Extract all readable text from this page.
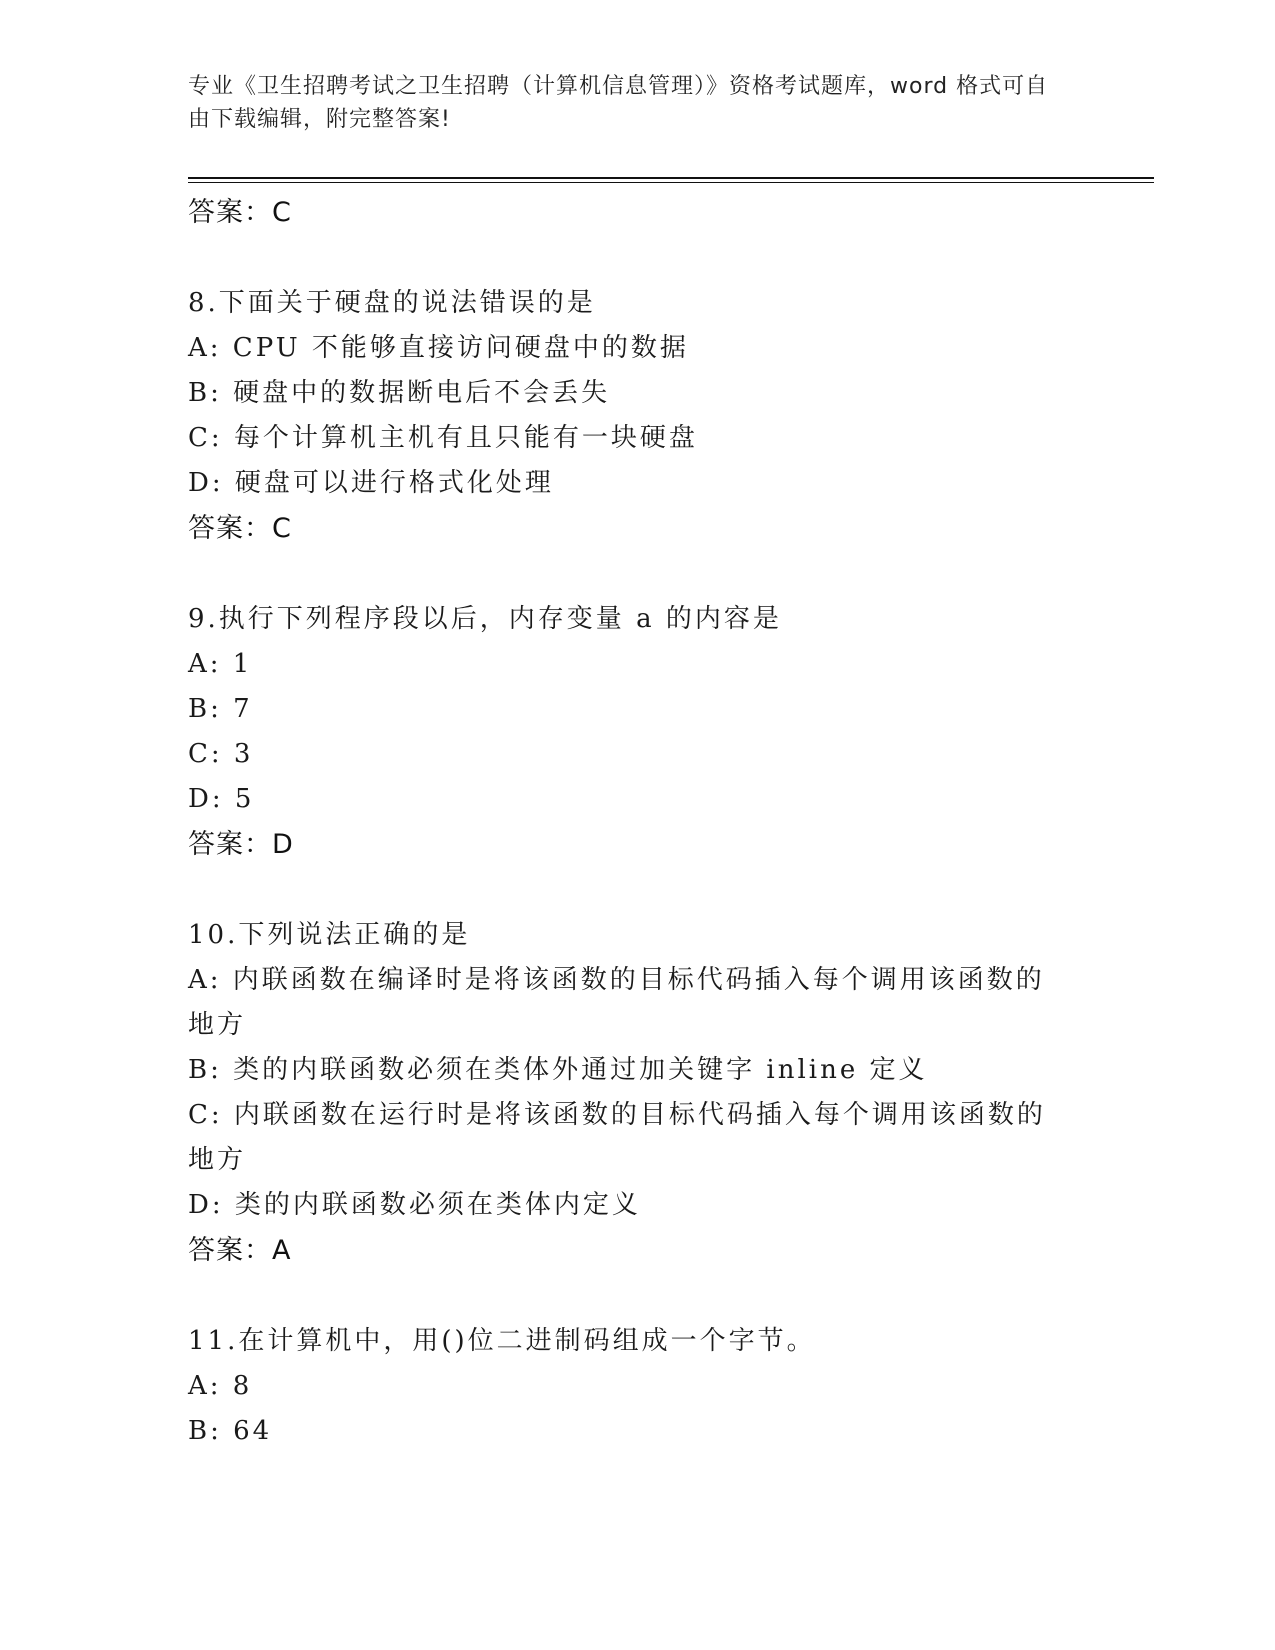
专业《卫生招聘考试之卫生招聘（计算机信息管理）》资格考试题库，word 格式可自由下载编辑，附完整答案!
答案：C
8.下面关于硬盘的说法错误的是
A: CPU 不能够直接访问硬盘中的数据
B: 硬盘中的数据断电后不会丢失
C: 每个计算机主机有且只能有一块硬盘
D: 硬盘可以进行格式化处理
答案：C
9.执行下列程序段以后，内存变量 a 的内容是
A: 1
B: 7
C: 3
D: 5
答案：D
10.下列说法正确的是
A: 内联函数在编译时是将该函数的目标代码插入每个调用该函数的地方
B: 类的内联函数必须在类体外通过加关键字 inline 定义
C: 内联函数在运行时是将该函数的目标代码插入每个调用该函数的地方
D: 类的内联函数必须在类体内定义
答案：A
11.在计算机中，用()位二进制码组成一个字节。
A: 8
B: 64
